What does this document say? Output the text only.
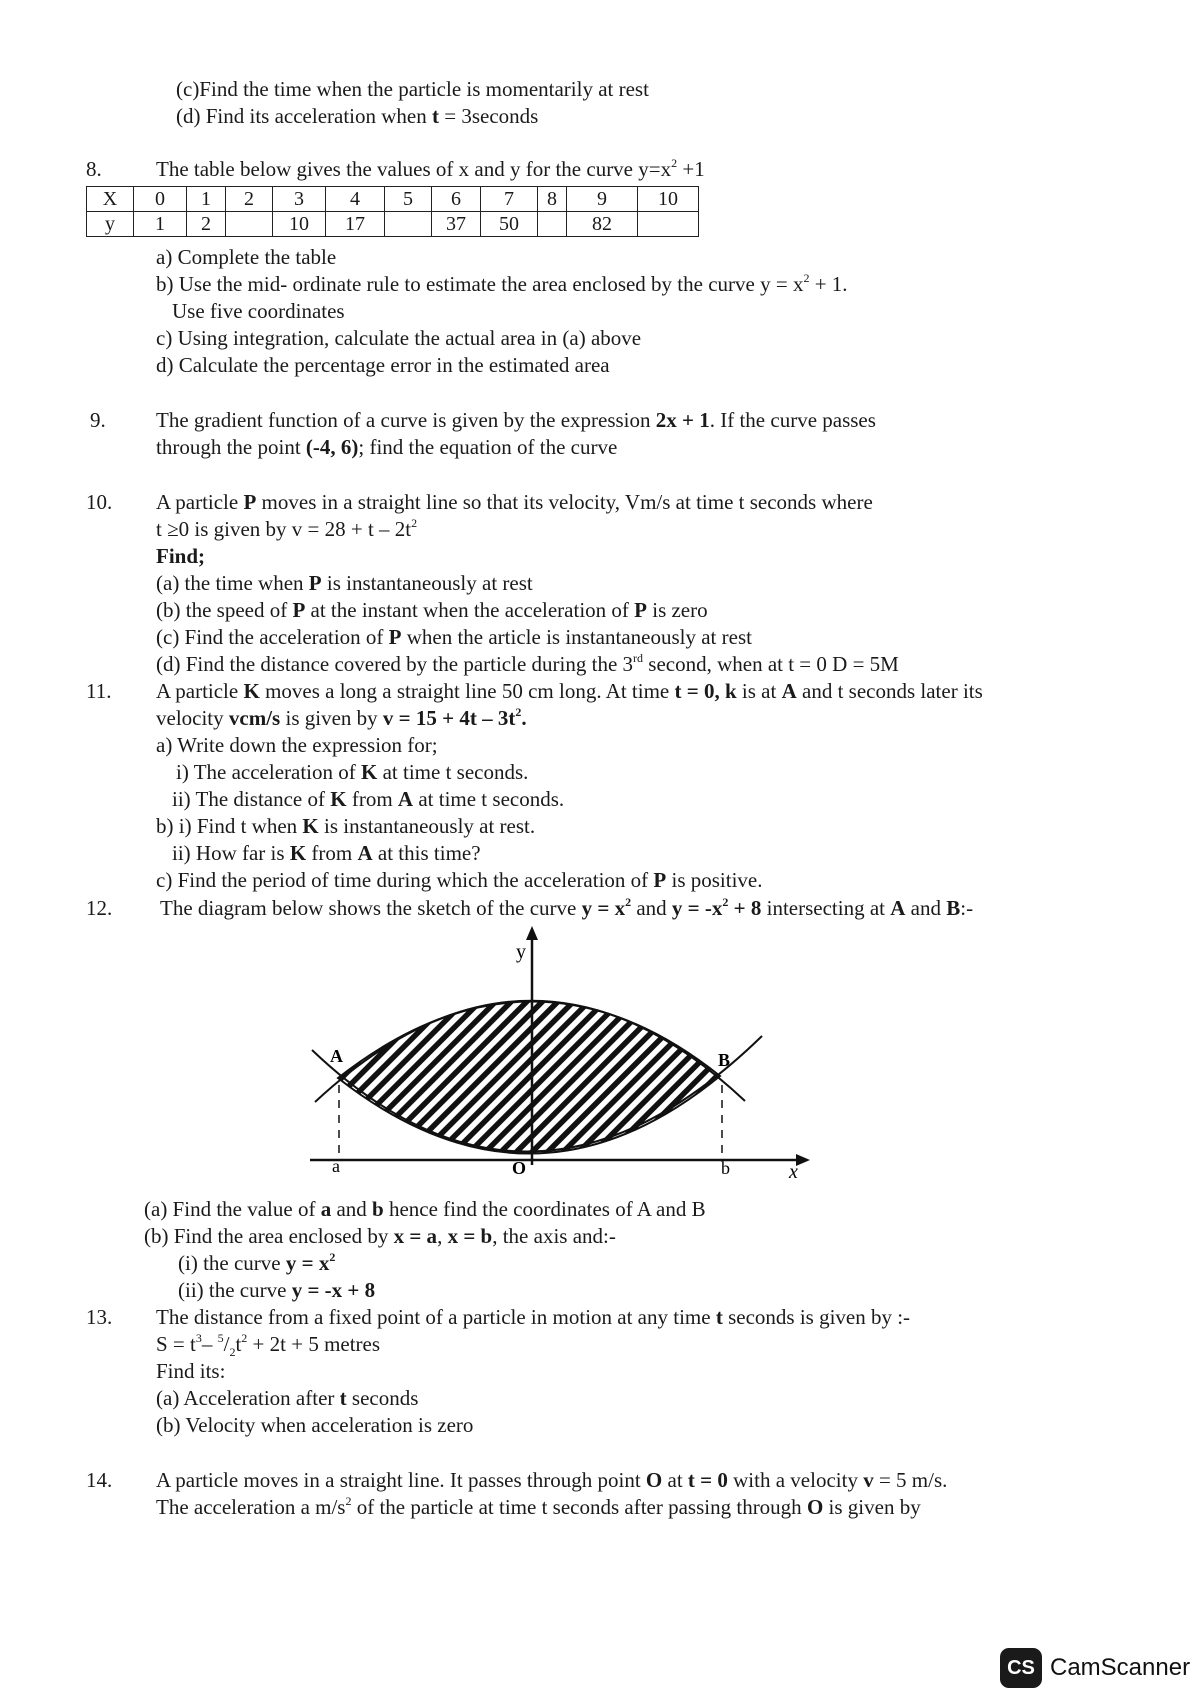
(c)Find the time when the particle is momentarily at rest
(d) Find its acceleration when t = 3seconds
8.	The table below gives the values of x and y for the curve $y=x^2 +1$
X	0	1	2	3	4	5	6	7	8	9	10
y	1	2		10	17		37	50		82	
a) Complete the table
b) Use the mid- ordinate rule to estimate the area enclosed by the curve $y = x^2 + 1$.
Use five coordinates
c) Using integration, calculate the actual area in (a) above
d) Calculate the percentage error in the estimated area
9. The gradient function of a curve is given by the expression 2x + 1. If the curve passes
through the point (-4, 6); find the equation of the curve
10. A particle P moves in a straight line so that its velocity, Vm/s at time t seconds where
t ≥0 is given by $v = 28 + t - 2t^2$
Find;
(a) the time when P is instantaneously at rest
(b) the speed of P at the instant when the acceleration of P is zero
(c) Find the acceleration of P when the article is instantaneously at rest
(d) Find the distance covered by the particle during the 3rd second, when at t = 0 D = 5M
11. A particle K moves a long a straight line 50 cm long. At time t = 0, k is at A and t seconds later its
velocity vcm/s is given by $v = 15 + 4t - 3t^2$.
a) Write down the expression for;
i) The acceleration of K at time t seconds.
ii) The distance of K from A at time t seconds.
b) i) Find t when K is instantaneously at rest.
ii) How far is K from A at this time?
c) Find the period of time during which the acceleration of P is positive.
12. The diagram below shows the sketch of the curve $y = x^2$ and $y = -x^2 + 8$ intersecting at A and B:-
y
A	B
a	O	b	x
(a) Find the value of a and b hence find the coordinates of A and B
(b) Find the area enclosed by x = a, x = b, the axis and:-
(i) the curve $y = x^2$
(ii) the curve y = -x + 8
13. The distance from a fixed point of a particle in motion at any time t seconds is given by :-
$S = t^3-$ $^5/_2t^2 + 2t + 5$ metres
Find its:
(a) Acceleration after t seconds
(b) Velocity when acceleration is zero
14. A particle moves in a straight line. It passes through point O at t = 0 with a velocity v = 5 m/s.
The acceleration a $m/s^2$ of the particle at time t seconds after passing through O is given by
CS CamScanner
